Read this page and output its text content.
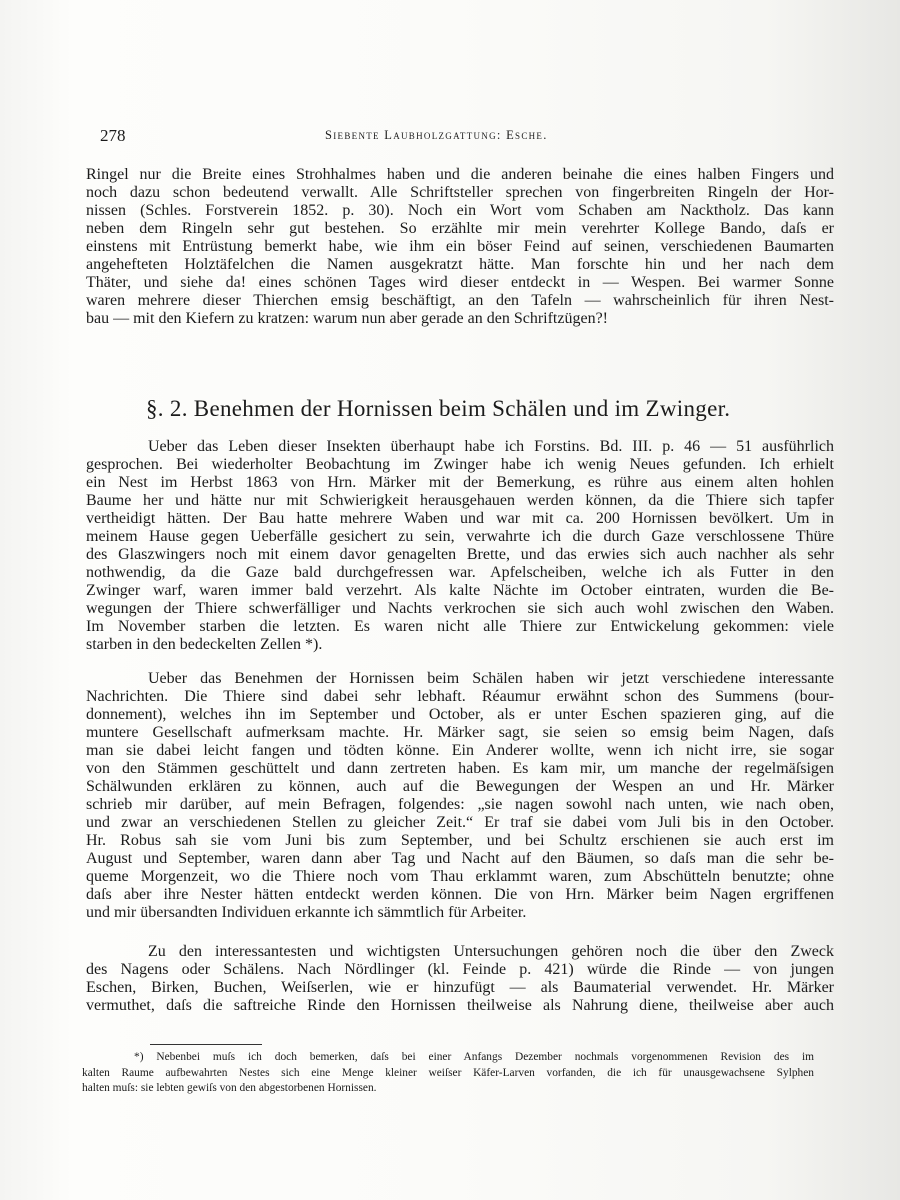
278	Siebente Laubholzgattung: Esche.
Ringel nur die Breite eines Strohhalmes haben und die anderen beinahe die eines halben Fingers und
noch dazu schon bedeutend verwallt. Alle Schriftsteller sprechen von fingerbreiten Ringeln der Hor-
nissen (Schles. Forstverein 1852. p. 30). Noch ein Wort vom Schaben am Nacktholz. Das kann
neben dem Ringeln sehr gut bestehen. So erzählte mir mein verehrter Kollege Bando, daſs er
einstens mit Entrüstung bemerkt habe, wie ihm ein böser Feind auf seinen, verschiedenen Baumarten
angehefteten Holztäfelchen die Namen ausgekratzt hätte. Man forschte hin und her nach dem
Thäter, und siehe da! eines schönen Tages wird dieser entdeckt in — Wespen. Bei warmer Sonne
waren mehrere dieser Thierchen emsig beschäftigt, an den Tafeln — wahrscheinlich für ihren Nest-
bau — mit den Kiefern zu kratzen: warum nun aber gerade an den Schriftzügen?!
§. 2. Benehmen der Hornissen beim Schälen und im Zwinger.
Ueber das Leben dieser Insekten überhaupt habe ich Forstins. Bd. III. p. 46 — 51 ausführlich
gesprochen. Bei wiederholter Beobachtung im Zwinger habe ich wenig Neues gefunden. Ich erhielt
ein Nest im Herbst 1863 von Hrn. Märker mit der Bemerkung, es rühre aus einem alten hohlen
Baume her und hätte nur mit Schwierigkeit herausgehauen werden können, da die Thiere sich tapfer
vertheidigt hätten. Der Bau hatte mehrere Waben und war mit ca. 200 Hornissen bevölkert. Um in
meinem Hause gegen Ueberfälle gesichert zu sein, verwahrte ich die durch Gaze verschlossene Thüre
des Glaszwingers noch mit einem davor genagelten Brette, und das erwies sich auch nachher als sehr
nothwendig, da die Gaze bald durchgefressen war. Apfelscheiben, welche ich als Futter in den
Zwinger warf, waren immer bald verzehrt. Als kalte Nächte im October eintraten, wurden die Be-
wegungen der Thiere schwerfälliger und Nachts verkrochen sie sich auch wohl zwischen den Waben.
Im November starben die letzten. Es waren nicht alle Thiere zur Entwickelung gekommen: viele
starben in den bedeckelten Zellen *).
Ueber das Benehmen der Hornissen beim Schälen haben wir jetzt verschiedene interessante
Nachrichten. Die Thiere sind dabei sehr lebhaft. Réaumur erwähnt schon des Summens (bour-
donnement), welches ihn im September und October, als er unter Eschen spazieren ging, auf die
muntere Gesellschaft aufmerksam machte. Hr. Märker sagt, sie seien so emsig beim Nagen, daſs
man sie dabei leicht fangen und tödten könne. Ein Anderer wollte, wenn ich nicht irre, sie sogar
von den Stämmen geschüttelt und dann zertreten haben. Es kam mir, um manche der regelmäſsigen
Schälwunden erklären zu können, auch auf die Bewegungen der Wespen an und Hr. Märker
schrieb mir darüber, auf mein Befragen, folgendes: „sie nagen sowohl nach unten, wie nach oben,
und zwar an verschiedenen Stellen zu gleicher Zeit.“ Er traf sie dabei vom Juli bis in den October.
Hr. Robus sah sie vom Juni bis zum September, und bei Schultz erschienen sie auch erst im
August und September, waren dann aber Tag und Nacht auf den Bäumen, so daſs man die sehr be-
queme Morgenzeit, wo die Thiere noch vom Thau erklammt waren, zum Abschütteln benutzte; ohne
daſs aber ihre Nester hätten entdeckt werden können. Die von Hrn. Märker beim Nagen ergriffenen
und mir übersandten Individuen erkannte ich sämmtlich für Arbeiter.
Zu den interessantesten und wichtigsten Untersuchungen gehören noch die über den Zweck
des Nagens oder Schälens. Nach Nördlinger (kl. Feinde p. 421) würde die Rinde — von jungen
Eschen, Birken, Buchen, Weiſserlen, wie er hinzufügt — als Baumaterial verwendet. Hr. Märker
vermuthet, daſs die saftreiche Rinde den Hornissen theilweise als Nahrung diene, theilweise aber auch
*) Nebenbei muſs ich doch bemerken, daſs bei einer Anfangs Dezember nochmals vorgenommenen Revision des im
kalten Raume aufbewahrten Nestes sich eine Menge kleiner weiſser Käfer-Larven vorfanden, die ich für unausgewachsene Sylphen
halten muſs: sie lebten gewiſs von den abgestorbenen Hornissen.
